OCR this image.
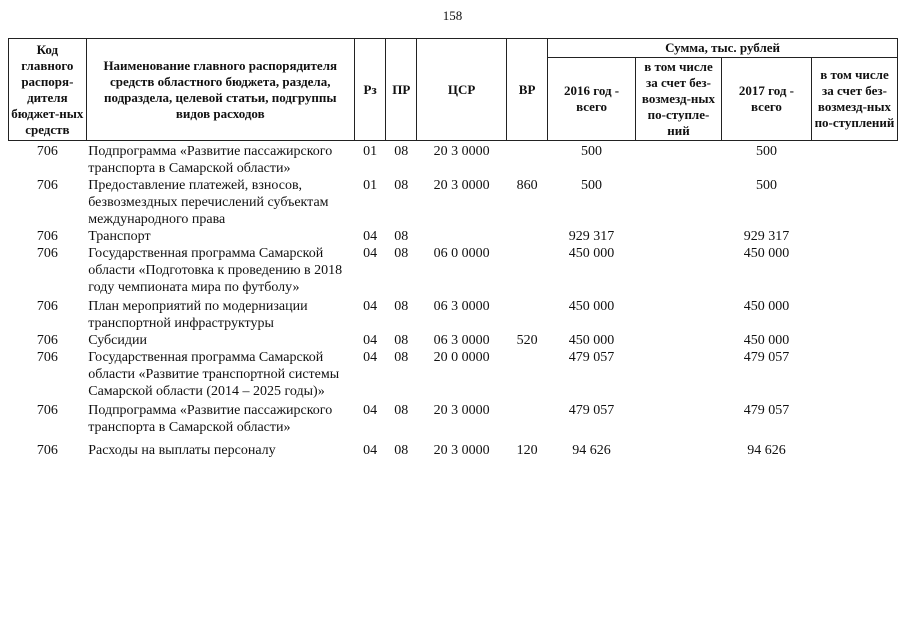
158
Код главного распоря-дителя бюджет-ных средств	Наименование главного распорядителя средств областного бюджета, раздела, подраздела, целевой статьи, подгруппы видов расходов	Рз	ПР	ЦСР	ВР	Сумма, тыс. рублей			
						2016 год - всего	в том числе за счет без-возмезд-ных по-ступле-ний	2017 год - всего	в том числе за счет без-возмезд-ных по-ступлений
706	Подпрограмма «Развитие пассажирского транспорта в Самарской области»	01	08	20 3 0000		500		500	
706	Предоставление платежей, взносов, безвозмездных перечислений субъектам международного права	01	08	20 3 0000	860	500		500	
706	Транспорт	04	08			929 317		929 317	
706	Государственная программа Самарской области «Подготовка к проведению в 2018 году чемпионата мира по футболу»	04	08	06 0 0000		450 000		450 000	
706	План мероприятий по модернизации транспортной инфраструктуры	04	08	06 3 0000		450 000		450 000	
706	Субсидии	04	08	06 3 0000	520	450 000		450 000	
706	Государственная программа Самарской области «Развитие транспортной системы Самарской области (2014 – 2025 годы)»	04	08	20 0 0000		479 057		479 057	
706	Подпрограмма «Развитие пассажирского транспорта в Самарской области»	04	08	20 3 0000		479 057		479 057	
706	Расходы на выплаты персоналу	04	08	20 3 0000	120	94 626		94 626	
